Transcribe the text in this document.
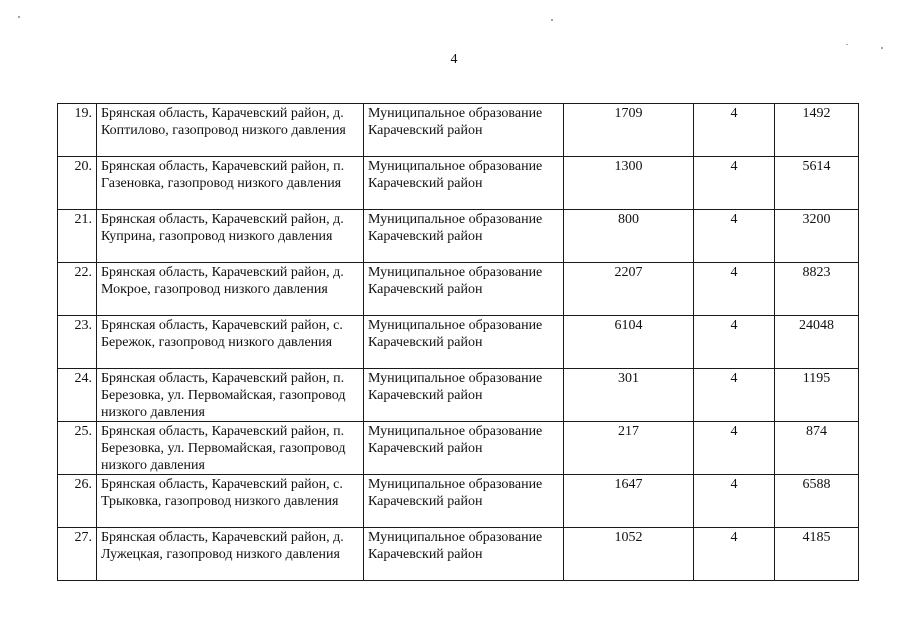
4
19.	Брянская область, Карачевский район, д. Коптилово, газопровод низкого давления	Муниципальное образование Карачевский район	1709	4	1492
20.	Брянская область, Карачевский район, п. Газеновка, газопровод низкого давления	Муниципальное образование Карачевский район	1300	4	5614
21.	Брянская область, Карачевский район, д. Куприна, газопровод низкого давления	Муниципальное образование Карачевский район	800	4	3200
22.	Брянская область, Карачевский район, д. Мокрое, газопровод низкого давления	Муниципальное образование Карачевский район	2207	4	8823
23.	Брянская область, Карачевский район, с. Бережок, газопровод низкого давления	Муниципальное образование Карачевский район	6104	4	24048
24.	Брянская область, Карачевский район, п. Березовка, ул. Первомайская, газопровод низкого давления	Муниципальное образование Карачевский район	301	4	1195
25.	Брянская область, Карачевский район, п. Березовка, ул. Первомайская, газопровод низкого давления	Муниципальное образование Карачевский район	217	4	874
26.	Брянская область, Карачевский район, с. Трыковка, газопровод низкого давления	Муниципальное образование Карачевский район	1647	4	6588
27.	Брянская область, Карачевский район, д. Лужецкая, газопровод низкого давления	Муниципальное образование Карачевский район	1052	4	4185
